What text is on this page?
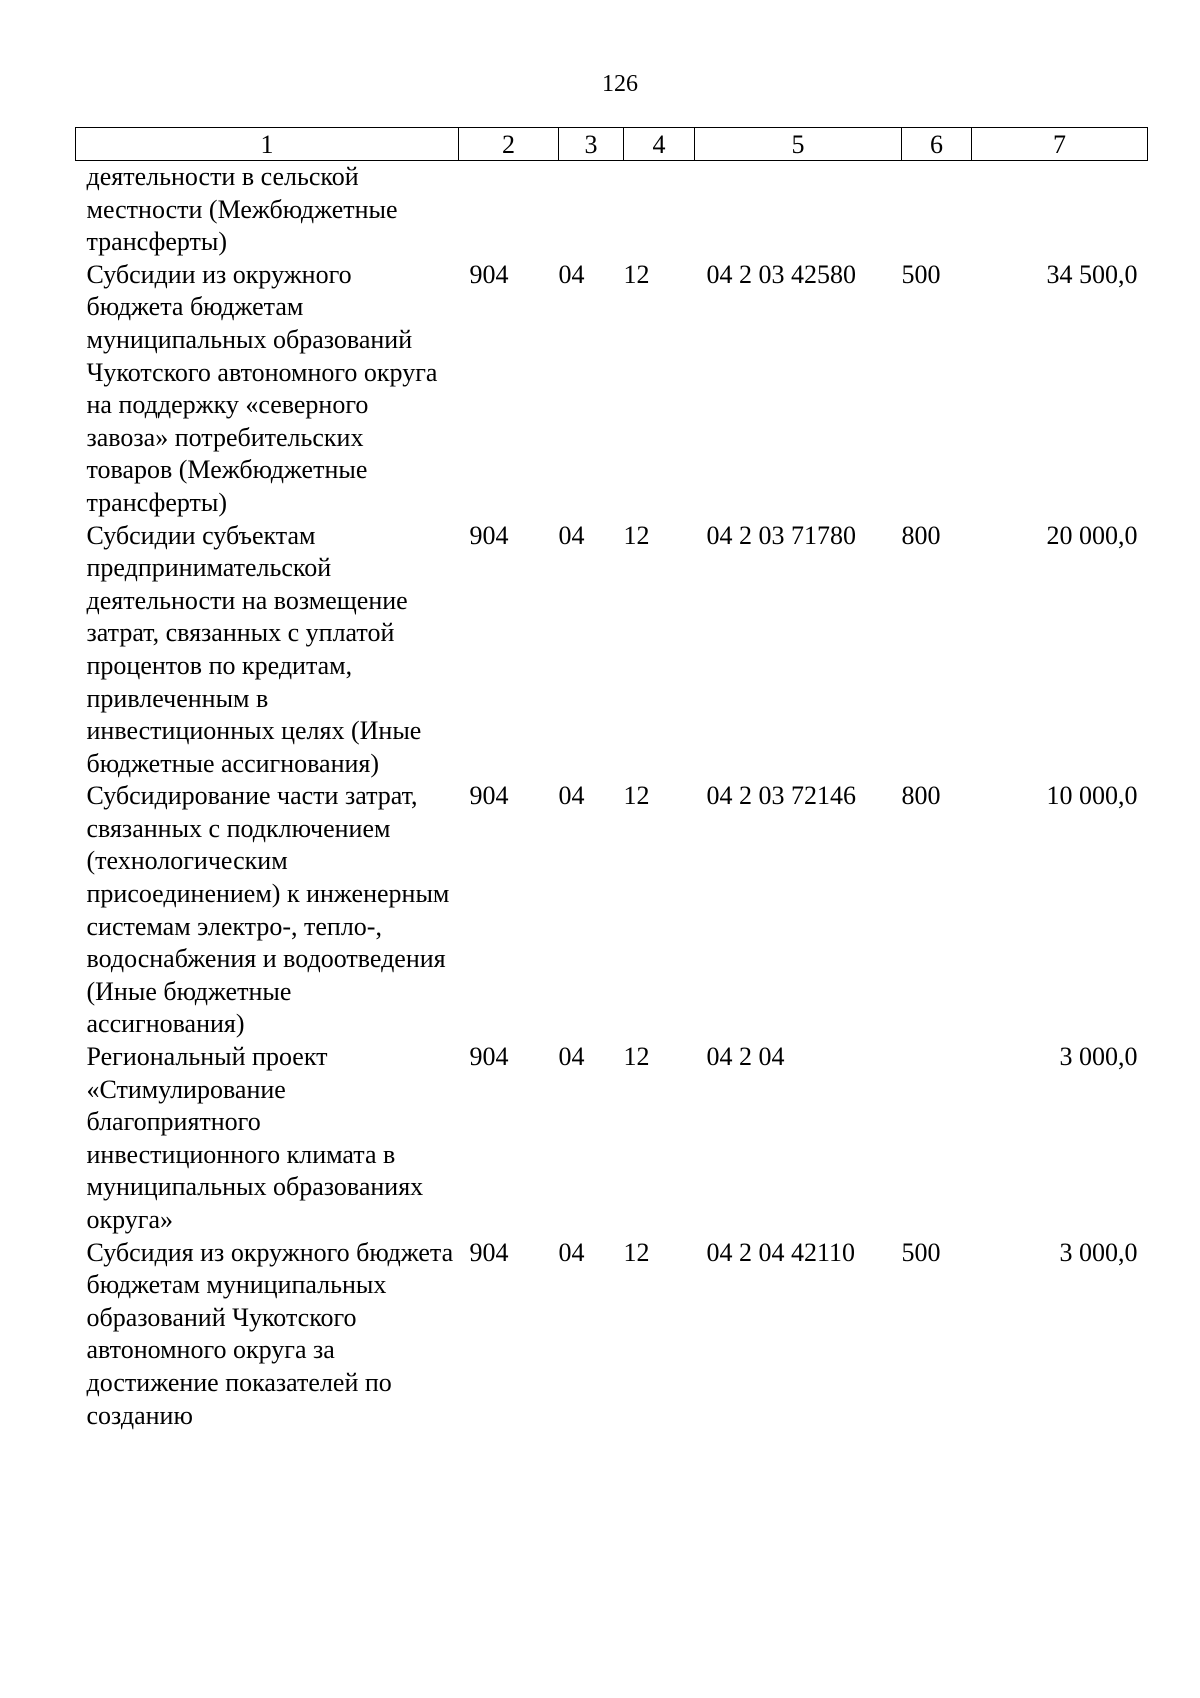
126
1	2	3	4	5	6	7
деятельности в сельской местности (Межбюджетные трансферты)						
Субсидии из окружного бюджета бюджетам муниципальных образований Чукотского автономного округа на поддержку «северного завоза» потребительских товаров (Межбюджетные трансферты)	904	04	12	04 2 03 42580	500	34 500,0
Субсидии субъектам предпринимательской деятельности на возмещение затрат, связанных с уплатой процентов по кредитам, привлеченным в инвестиционных целях (Иные бюджетные ассигнования)	904	04	12	04 2 03 71780	800	20 000,0
Субсидирование части затрат, связанных с подключением (технологическим присоединением) к инженерным системам электро-, тепло-, водоснабжения и водоотведения (Иные бюджетные ассигнования)	904	04	12	04 2 03 72146	800	10 000,0
Региональный проект «Стимулирование благоприятного инвестиционного климата в муниципальных образованиях округа»	904	04	12	04 2 04		3 000,0
Субсидия из окружного бюджета бюджетам муниципальных образований Чукотского автономного округа за достижение показателей по созданию	904	04	12	04 2 04 42110	500	3 000,0
